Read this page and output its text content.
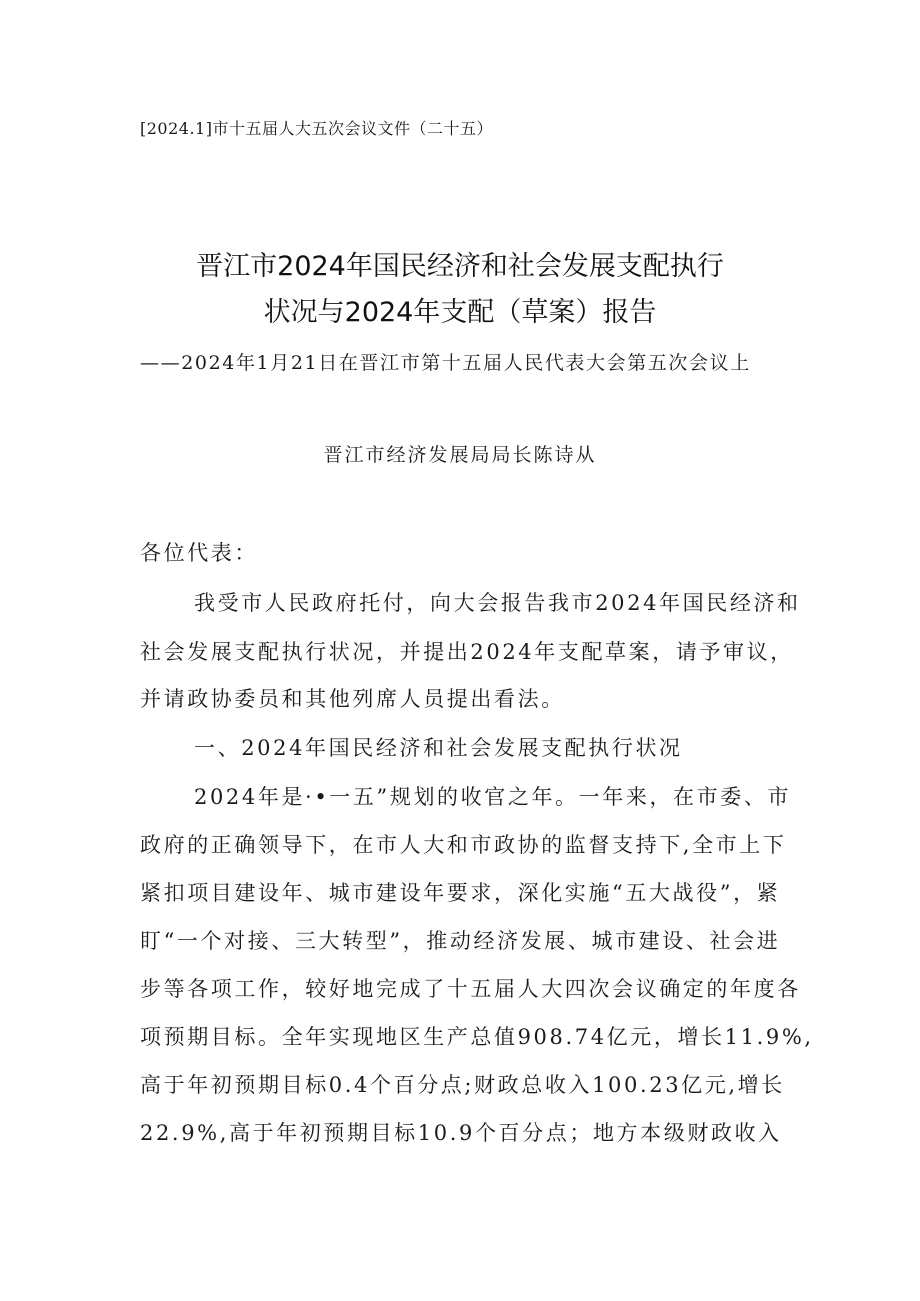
[2024.1]市十五届人大五次会议文件（二十五）
晋江市2024年国民经济和社会发展支配执行
状况与2024年支配（草案）报告
——2024年1月21日在晋江市第十五届人民代表大会第五次会议上
晋江市经济发展局局长陈诗从
各位代表：
我受市人民政府托付，向大会报告我市2024年国民经济和
社会发展支配执行状况，并提出2024年支配草案，请予审议，
并请政协委员和其他列席人员提出看法。
一、2024年国民经济和社会发展支配执行状况
2024年是·•一五”规划的收官之年。一年来，在市委、市
政府的正确领导下，在市人大和市政协的监督支持下,全市上下
紧扣项目建设年、城市建设年要求，深化实施“五大战役”，紧
盯“一个对接、三大转型”，推动经济发展、城市建设、社会进
步等各项工作，较好地完成了十五届人大四次会议确定的年度各
项预期目标。全年实现地区生产总值908.74亿元，增长11.9%,
高于年初预期目标0.4个百分点;财政总收入100.23亿元,增长
22.9%,高于年初预期目标10.9个百分点；地方本级财政收入
